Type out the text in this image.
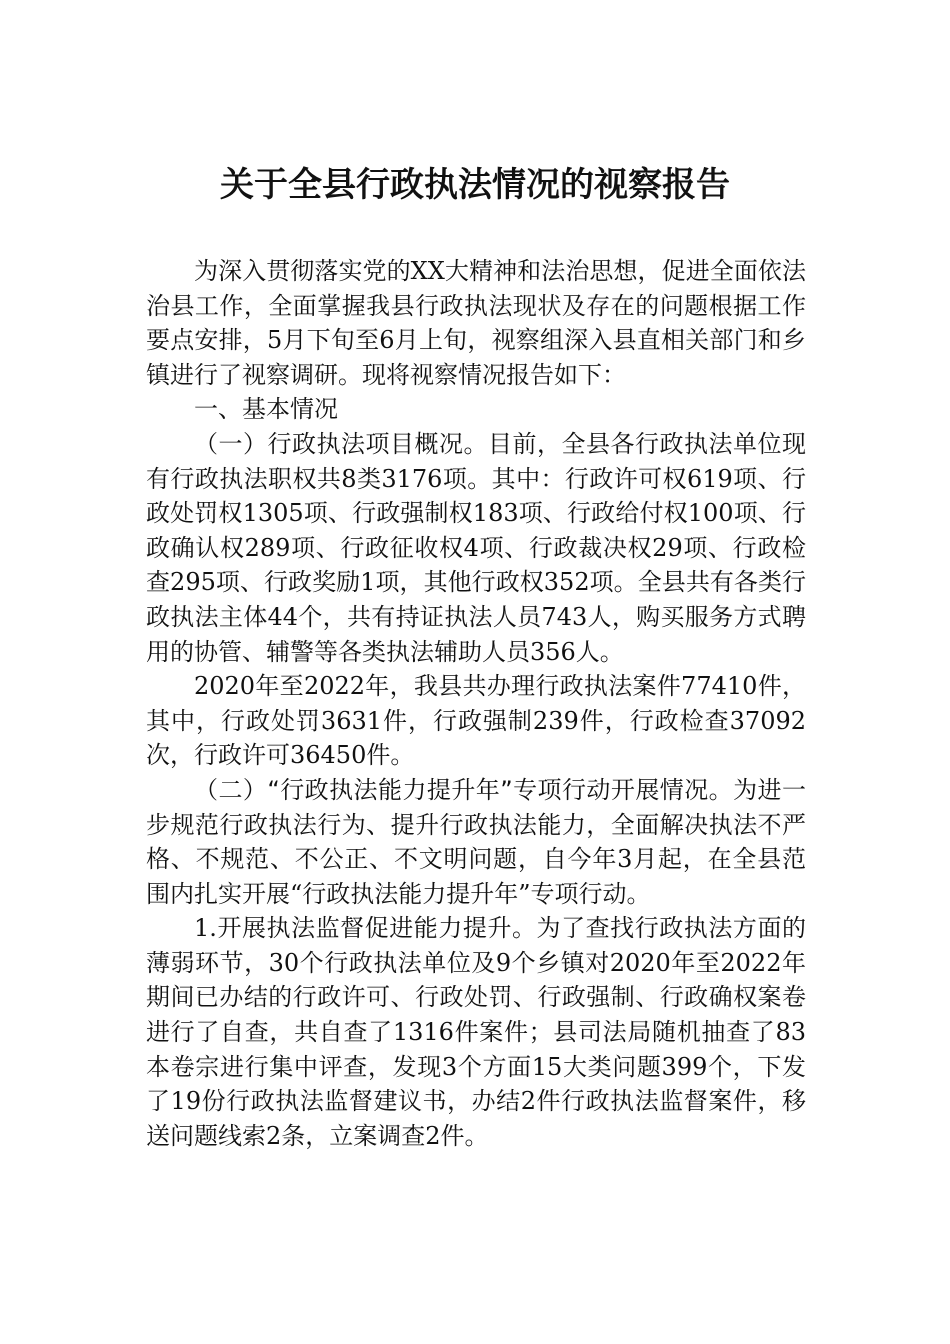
关于全县行政执法情况的视察报告

为深入贯彻落实党的XX大精神和法治思想，促进全面依法治县工作，全面掌握我县行政执法现状及存在的问题根据工作要点安排，5月下旬至6月上旬，视察组深入县直相关部门和乡镇进行了视察调研。现将视察情况报告如下：

一、基本情况

（一）行政执法项目概况。目前，全县各行政执法单位现有行政执法职权共8类3176项。其中：行政许可权619项、行政处罚权1305项、行政强制权183项、行政给付权100项、行政确认权289项、行政征收权4项、行政裁决权29项、行政检查295项、行政奖励1项，其他行政权352项。全县共有各类行政执法主体44个，共有持证执法人员743人，购买服务方式聘用的协管、辅警等各类执法辅助人员356人。

2020年至2022年，我县共办理行政执法案件77410件，其中，行政处罚3631件，行政强制239件，行政检查37092次，行政许可36450件。

（二）“行政执法能力提升年”专项行动开展情况。为进一步规范行政执法行为、提升行政执法能力，全面解决执法不严格、不规范、不公正、不文明问题，自今年3月起，在全县范围内扎实开展“行政执法能力提升年”专项行动。

1.开展执法监督促进能力提升。为了查找行政执法方面的薄弱环节，30个行政执法单位及9个乡镇对2020年至2022年期间已办结的行政许可、行政处罚、行政强制、行政确权案卷进行了自查，共自查了1316件案件；县司法局随机抽查了83本卷宗进行集中评查，发现3个方面15大类问题399个，下发了19份行政执法监督建议书，办结2件行政执法监督案件，移送问题线索2条，立案调查2件。
